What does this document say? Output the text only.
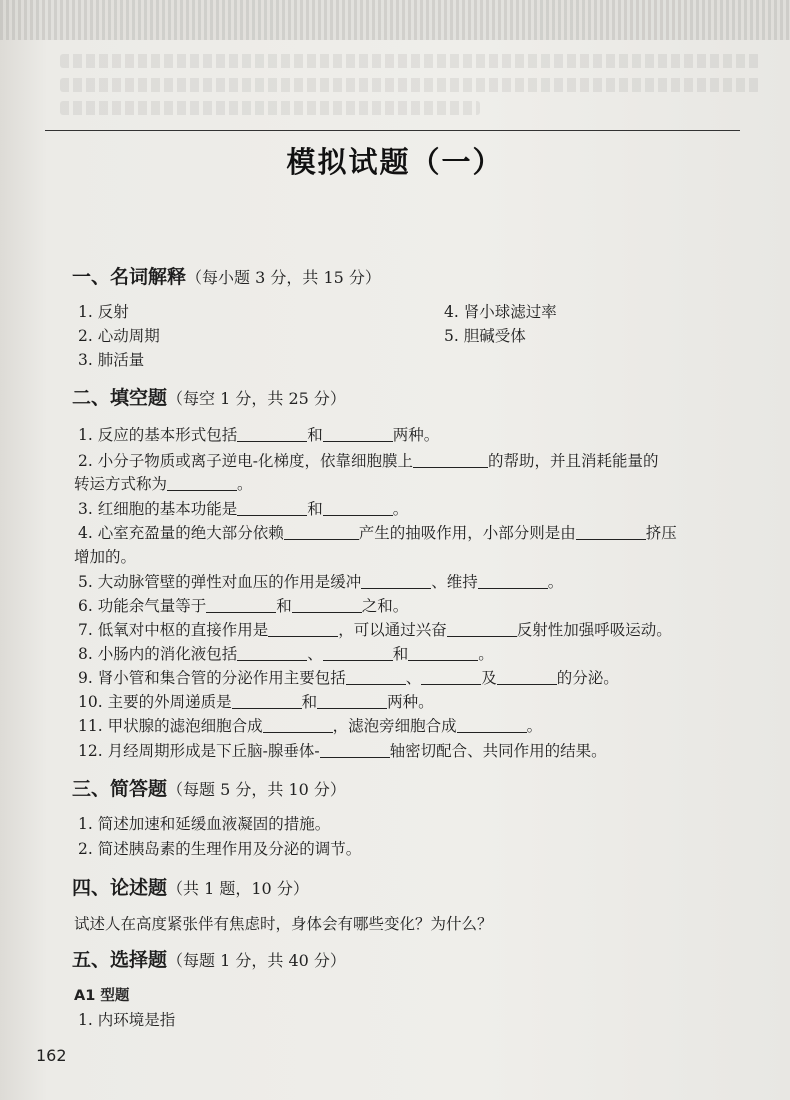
模拟试题（一）
一、名词解释（每小题 3 分，共 15 分）
1. 反射	4. 肾小球滤过率
2. 心动周期	5. 胆碱受体
3. 肺活量
二、填空题（每空 1 分，共 25 分）
1. 反应的基本形式包括	和	两种。
2. 小分子物质或离子逆电-化梯度，依靠细胞膜上	的帮助，并且消耗能量的
转运方式称为	。
3. 红细胞的基本功能是	和	。
4. 心室充盈量的绝大部分依赖	产生的抽吸作用，小部分则是由	挤压
增加的。
5. 大动脉管壁的弹性对血压的作用是缓冲	、维持	。
6. 功能余气量等于	和	之和。
7. 低氧对中枢的直接作用是	，可以通过兴奋	反射性加强呼吸运动。
8. 小肠内的消化液包括	、	和	。
9. 肾小管和集合管的分泌作用主要包括	、	及	的分泌。
10. 主要的外周递质是	和	两种。
11. 甲状腺的滤泡细胞合成	，滤泡旁细胞合成	。
12. 月经周期形成是下丘脑-腺垂体-	轴密切配合、共同作用的结果。
三、简答题（每题 5 分，共 10 分）
1. 简述加速和延缓血液凝固的措施。
2. 简述胰岛素的生理作用及分泌的调节。
四、论述题（共 1 题，10 分）
试述人在高度紧张伴有焦虑时，身体会有哪些变化？为什么？
五、选择题（每题 1 分，共 40 分）
A1 型题
1. 内环境是指
162
